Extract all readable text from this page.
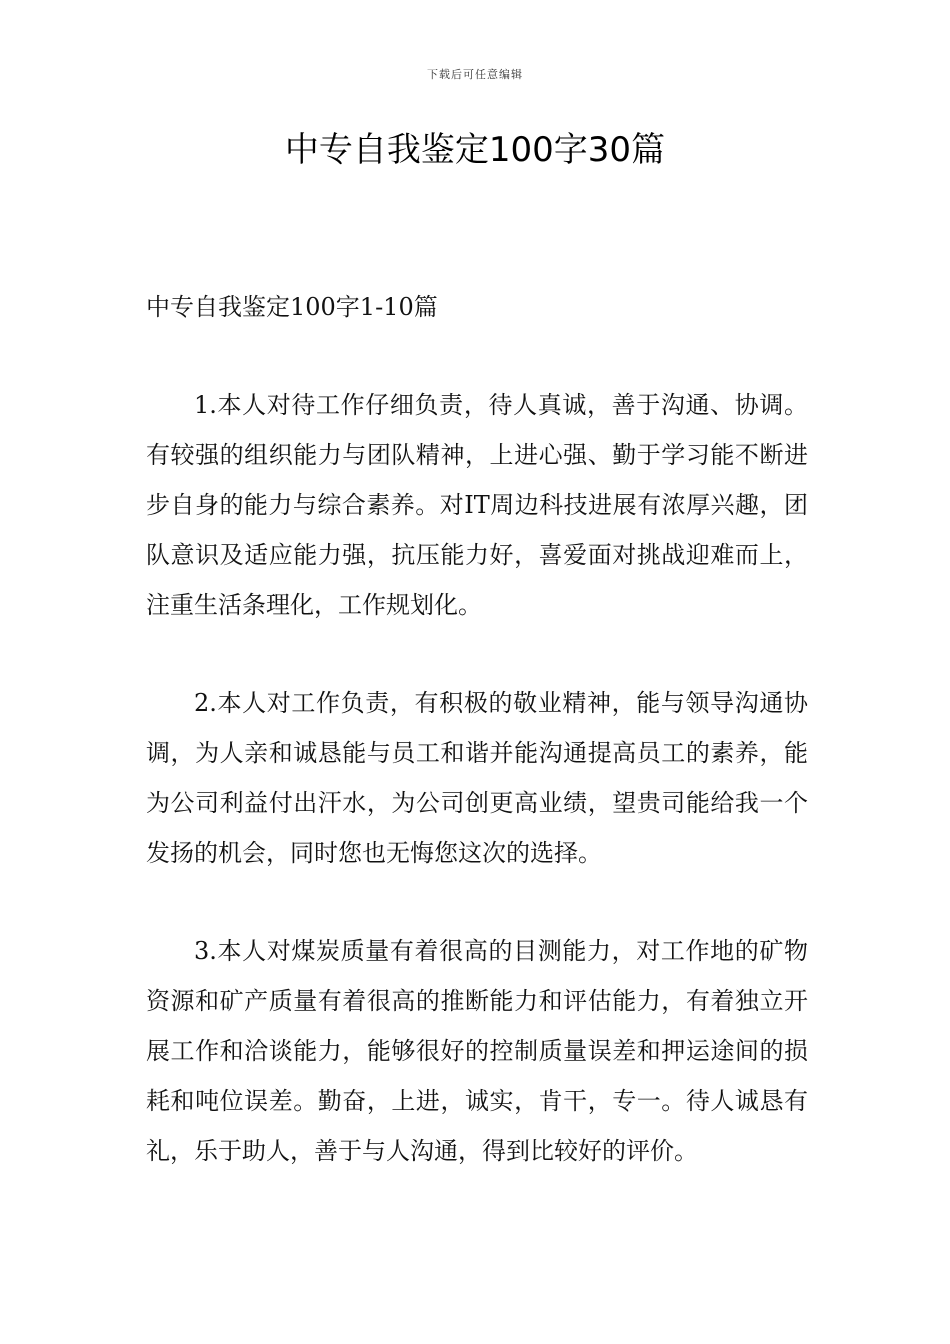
下载后可任意编辑
中专自我鉴定100字30篇

中专自我鉴定100字1-10篇

1.本人对待工作仔细负责，待人真诚，善于沟通、协调。有较强的组织能力与团队精神，上进心强、勤于学习能不断进步自身的能力与综合素养。对IT周边科技进展有浓厚兴趣，团队意识及适应能力强，抗压能力好，喜爱面对挑战迎难而上，注重生活条理化，工作规划化。

2.本人对工作负责，有积极的敬业精神，能与领导沟通协调，为人亲和诚恳能与员工和谐并能沟通提高员工的素养，能为公司利益付出汗水，为公司创更高业绩，望贵司能给我一个发扬的机会，同时您也无悔您这次的选择。

3.本人对煤炭质量有着很高的目测能力，对工作地的矿物资源和矿产质量有着很高的推断能力和评估能力，有着独立开展工作和洽谈能力，能够很好的控制质量误差和押运途间的损耗和吨位误差。勤奋，上进，诚实，肯干，专一。待人诚恳有礼，乐于助人，善于与人沟通，得到比较好的评价。
